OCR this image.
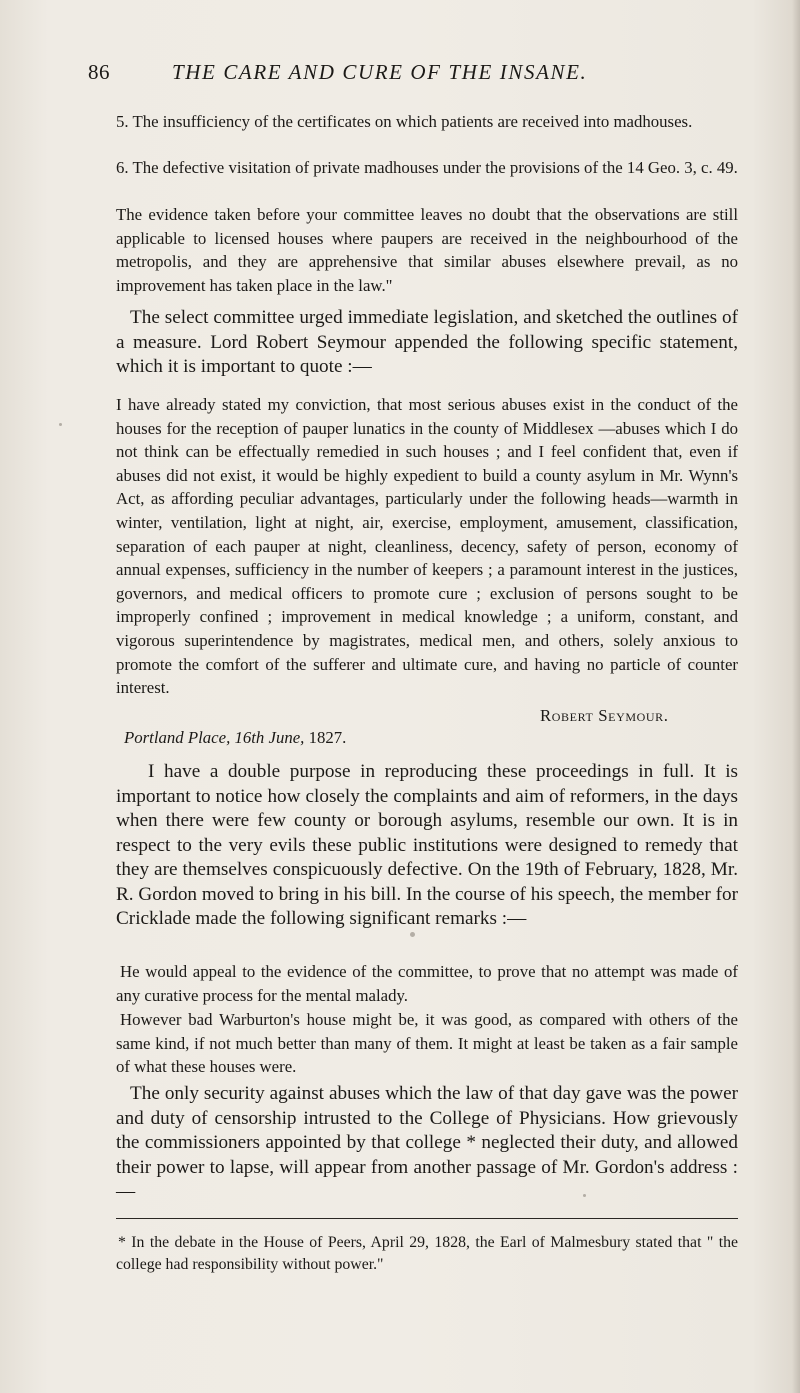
86	THE CARE AND CURE OF THE INSANE.

5. The insufficiency of the certificates on which patients are received into madhouses.

6. The defective visitation of private madhouses under the provisions of the 14 Geo. 3, c. 49.

The evidence taken before your committee leaves no doubt that the observations are still applicable to licensed houses where paupers are received in the neighbourhood of the metropolis, and they are apprehensive that similar abuses elsewhere prevail, as no improvement has taken place in the law."

The select committee urged immediate legislation, and sketched the outlines of a measure. Lord Robert Seymour appended the following specific statement, which it is important to quote :—

I have already stated my conviction, that most serious abuses exist in the conduct of the houses for the reception of pauper lunatics in the county of Middlesex —abuses which I do not think can be effectually remedied in such houses ; and I feel confident that, even if abuses did not exist, it would be highly expedient to build a county asylum in Mr. Wynn's Act, as affording peculiar advantages, particularly under the following heads—warmth in winter, ventilation, light at night, air, exercise, employment, amusement, classification, separation of each pauper at night, cleanliness, decency, safety of person, economy of annual expenses, sufficiency in the number of keepers ; a paramount interest in the justices, governors, and medical officers to promote cure ; exclusion of persons sought to be improperly confined ; improvement in medical knowledge ; a uniform, constant, and vigorous superintendence by magistrates, medical men, and others, solely anxious to promote the comfort of the sufferer and ultimate cure, and having no particle of counter interest.

Robert Seymour.
Portland Place, 16th June, 1827.

I have a double purpose in reproducing these proceedings in full. It is important to notice how closely the complaints and aim of reformers, in the days when there were few county or borough asylums, resemble our own. It is in respect to the very evils these public institutions were designed to remedy that they are themselves conspicuously defective. On the 19th of February, 1828, Mr. R. Gordon moved to bring in his bill. In the course of his speech, the member for Cricklade made the following significant remarks :—

He would appeal to the evidence of the committee, to prove that no attempt was made of any curative process for the mental malady.

However bad Warburton's house might be, it was good, as compared with others of the same kind, if not much better than many of them. It might at least be taken as a fair sample of what these houses were.

The only security against abuses which the law of that day gave was the power and duty of censorship intrusted to the College of Physicians. How grievously the commissioners appointed by that college * neglected their duty, and allowed their power to lapse, will appear from another passage of Mr. Gordon's address :—

* In the debate in the House of Peers, April 29, 1828, the Earl of Malmesbury stated that " the college had responsibility without power."
